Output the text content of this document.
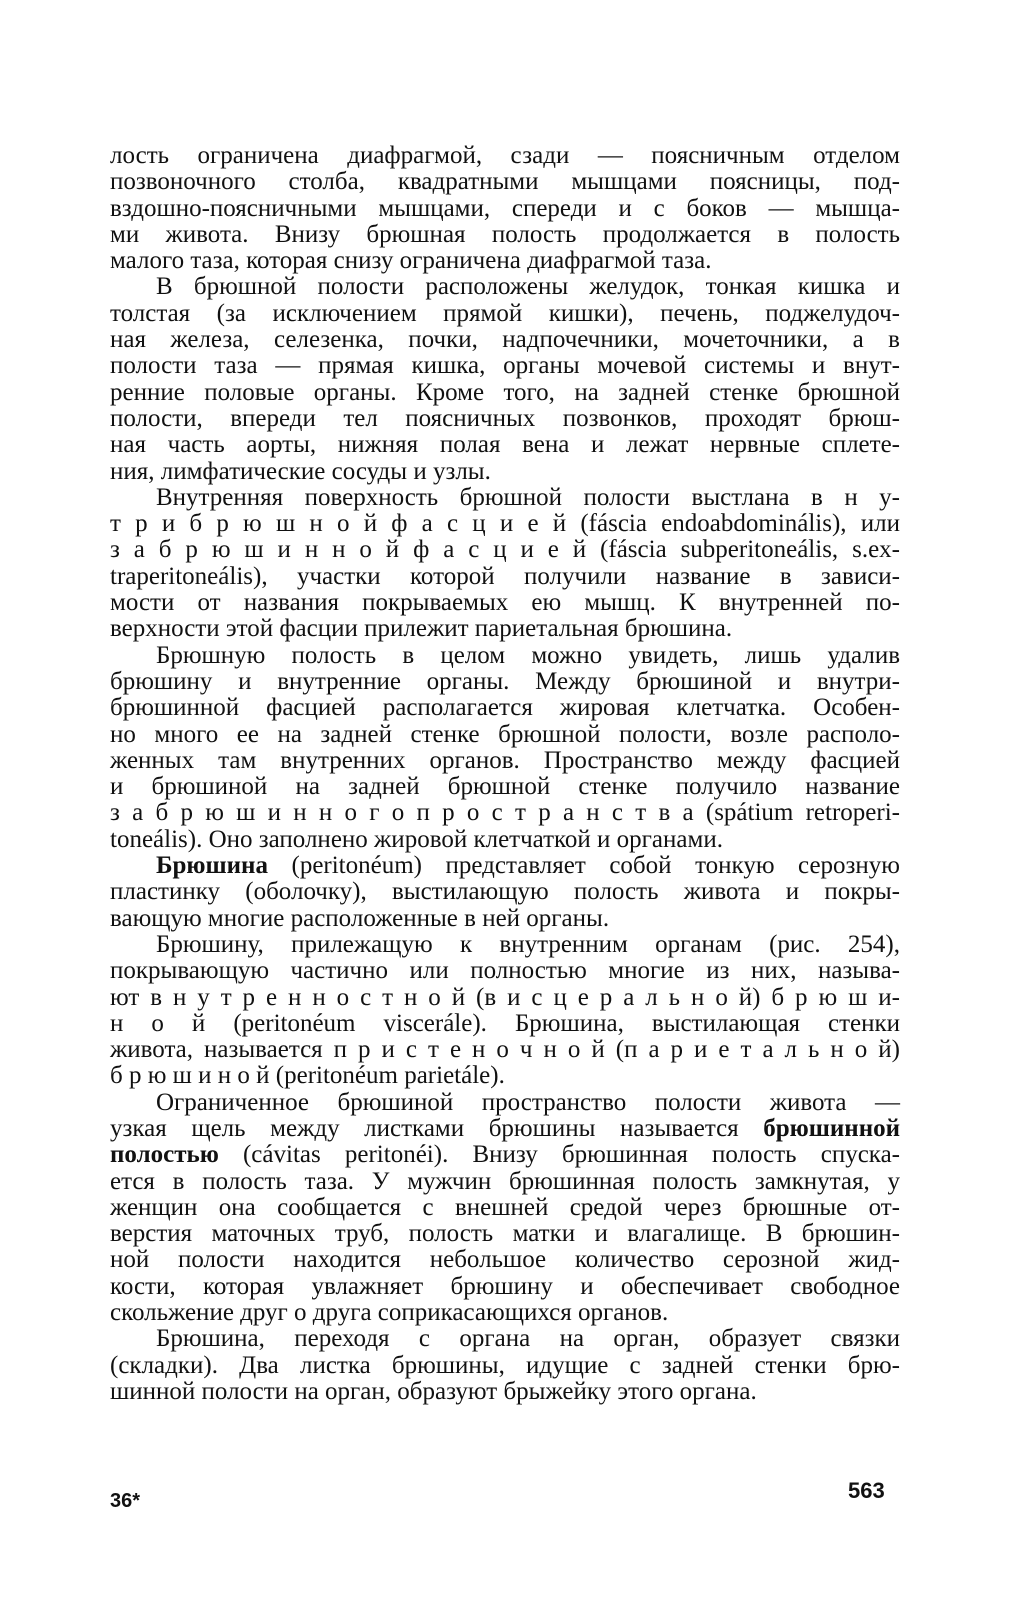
лость ограничена диафрагмой, сзади — поясничным отделом
позвоночного столба, квадратными мышцами поясницы, под-
вздошно-поясничными мышцами, спереди и с боков — мышца-
ми живота. Внизу брюшная полость продолжается в полость
малого таза, которая снизу ограничена диафрагмой таза.

В брюшной полости расположены желудок, тонкая кишка и
толстая (за исключением прямой кишки), печень, поджелудоч-
ная железа, селезенка, почки, надпочечники, мочеточники, а в
полости таза — прямая кишка, органы мочевой системы и внут-
ренние половые органы. Кроме того, на задней стенке брюшной
полости, впереди тел поясничных позвонков, проходят брюш-
ная часть аорты, нижняя полая вена и лежат нервные сплете-
ния, лимфатические сосуды и узлы.

Внутренняя поверхность брюшной полости выстлана в н у-
т р и б р ю ш н о й ф а с ц и е й (fáscia endoabdominális), или
з а б р ю ш и н н о й ф а с ц и е й (fáscia subperitoneális, s.ex-
traperitoneális), участки которой получили название в зависи-
мости от названия покрываемых ею мышц. К внутренней по-
верхности этой фасции прилежит париетальная брюшина.

Брюшную полость в целом можно увидеть, лишь удалив
брюшину и внутренние органы. Между брюшиной и внутри-
брюшинной фасцией располагается жировая клетчатка. Особен-
но много ее на задней стенке брюшной полости, возле располо-
женных там внутренних органов. Пространство между фасцией
и брюшиной на задней брюшной стенке получило название
з а б р ю ш и н н о г о п р о с т р а н с т в а (spátium retroperi-
toneális). Оно заполнено жировой клетчаткой и органами.

Брюшина (peritonéum) представляет собой тонкую серозную
пластинку (оболочку), выстилающую полость живота и покры-
вающую многие расположенные в ней органы.

Брюшину, прилежащую к внутренним органам (рис. 254),
покрывающую частично или полностью многие из них, называ-
ют в н у т р е н н о с т н о й (в и с ц е р а л ь н о й) б р ю ш и-
н о й (peritonéum viscerále). Брюшина, выстилающая стенки
живота, называется п р и с т е н о ч н о й (п а р и е т а л ь н о й)
б р ю ш и н о й (peritonéum parietále).

Ограниченное брюшиной пространство полости живота —
узкая щель между листками брюшины называется брюшинной
полостью (cávitas peritonéi). Внизу брюшинная полость спуска-
ется в полость таза. У мужчин брюшинная полость замкнутая, у
женщин она сообщается с внешней средой через брюшные от-
верстия маточных труб, полость матки и влагалище. В брюшин-
ной полости находится небольшое количество серозной жид-
кости, которая увлажняет брюшину и обеспечивает свободное
скольжение друг о друга соприкасающихся органов.

Брюшина, переходя с органа на орган, образует связки
(складки). Два листка брюшины, идущие с задней стенки брю-
шинной полости на орган, образуют брыжейку этого органа.

36*	563
